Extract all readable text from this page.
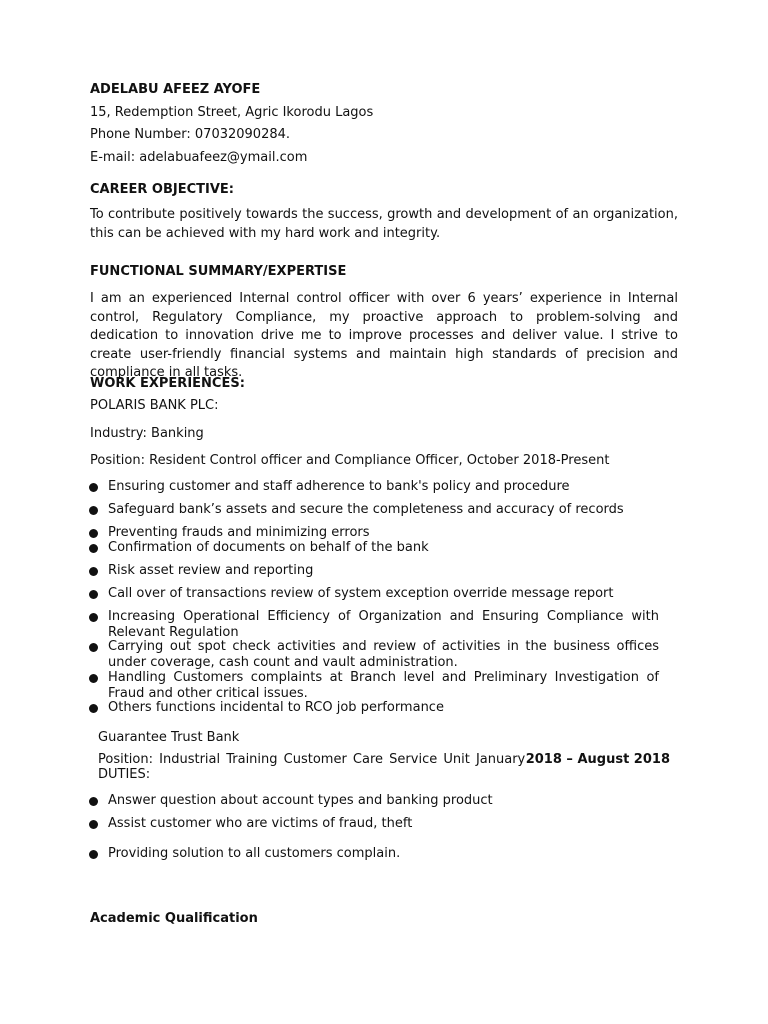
ADELABU AFEEZ AYOFE
15, Redemption Street, Agric Ikorodu Lagos
Phone Number: 07032090284.
E-mail: adelabuafeez@ymail.com
CAREER OBJECTIVE:
To contribute positively towards the success, growth and development of an organization, this can be achieved with my hard work and integrity.
FUNCTIONAL SUMMARY/EXPERTISE
I am an experienced Internal control officer with over 6 years’ experience in Internal control, Regulatory Compliance, my proactive approach to problem-solving and dedication to innovation drive me to improve processes and deliver value. I strive to create user-friendly financial systems and maintain high standards of precision and compliance in all tasks.
WORK EXPERIENCES:
POLARIS BANK PLC:
Industry: Banking
Position: Resident Control officer and Compliance Officer, October 2018-Present
Ensuring customer and staff adherence to bank's policy and procedure
Safeguard bank’s assets and secure the completeness and accuracy of records
Preventing frauds and minimizing errors
Confirmation of documents on behalf of the bank
Risk asset review and reporting
Call over of transactions review of system exception override message report
Increasing Operational Efficiency of Organization and Ensuring Compliance with Relevant Regulation
Carrying out spot check activities and review of activities in the business offices under coverage, cash count and vault administration.
Handling Customers complaints at Branch level and Preliminary Investigation of Fraud and other critical issues.
Others functions incidental to RCO job performance
Guarantee Trust Bank
Position: Industrial Training Customer Care Service Unit January 2018 – August 2018
DUTIES:
Answer question about account types and banking product
Assist customer who are victims of fraud, theft
Providing solution to all customers complain.
Academic Qualification
